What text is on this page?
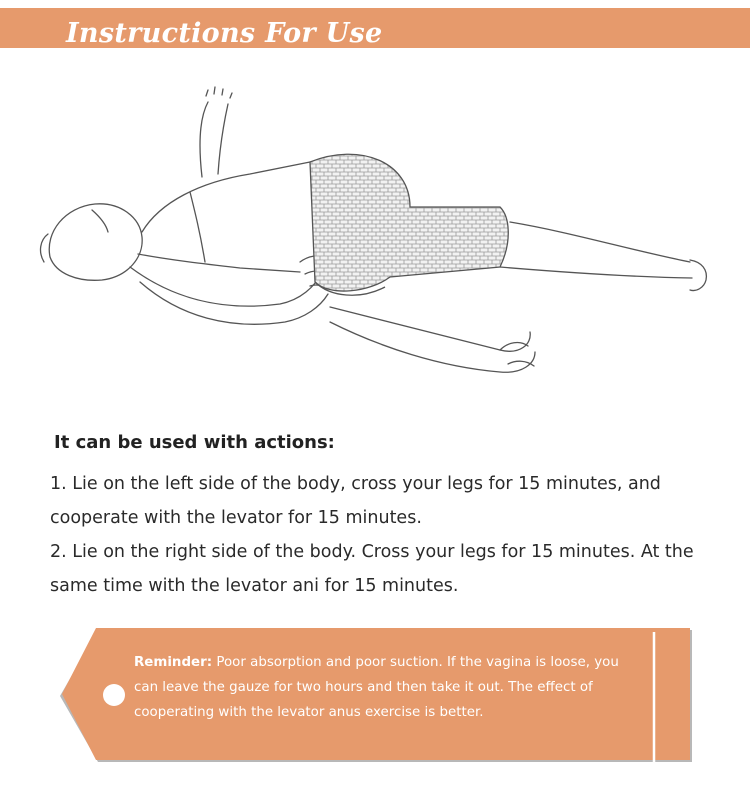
Instructions For Use
It can be used with actions:

1. Lie on the left side of the body, cross your legs for 15 minutes, and cooperate with the levator for 15 minutes.

2. Lie on the right side of the body. Cross your legs for 15 minutes. At the same time with the levator ani for 15 minutes.

Reminder: Poor absorption and poor suction. If the vagina is loose, you can leave the gauze for two hours and then take it out. The effect of cooperating with the levator anus exercise is better.
